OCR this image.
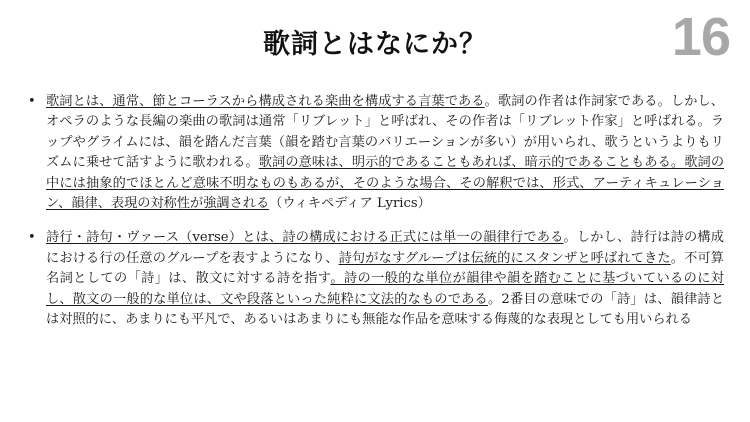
歌詞とはなにか？	16
• 歌詞とは、通常、節とコーラスから構成される楽曲を構成する言葉である。歌詞の作者は作詞家である。しかし、オペラのような長編の楽曲の歌詞は通常「リブレット」と呼ばれ、その作者は「リブレット作家」と呼ばれる。ラップやグライムには、韻を踏んだ言葉（韻を踏む言葉のバリエーションが多い）が用いられ、歌うというよりもリズムに乗せて話すように歌われる。歌詞の意味は、明示的であることもあれば、暗示的であることもある。歌詞の中には抽象的でほとんど意味不明なものもあるが、そのような場合、その解釈では、形式、アーティキュレーション、韻律、表現の対称性が強調される（ウィキペディア Lyrics）
• 詩行・詩句・ヴァース（verse）とは、詩の構成における正式には単一の韻律行である。しかし、詩行は詩の構成における行の任意のグループを表すようになり、詩句がなすグループは伝統的にスタンザと呼ばれてきた。不可算名詞としての「詩」は、散文に対する詩を指す。詩の一般的な単位が韻律や韻を踏むことに基づいているのに対し、散文の一般的な単位は、文や段落といった純粋に文法的なものである。2番目の意味での「詩」は、韻律詩とは対照的に、あまりにも平凡で、あるいはあまりにも無能な作品を意味する侮蔑的な表現としても用いられる
